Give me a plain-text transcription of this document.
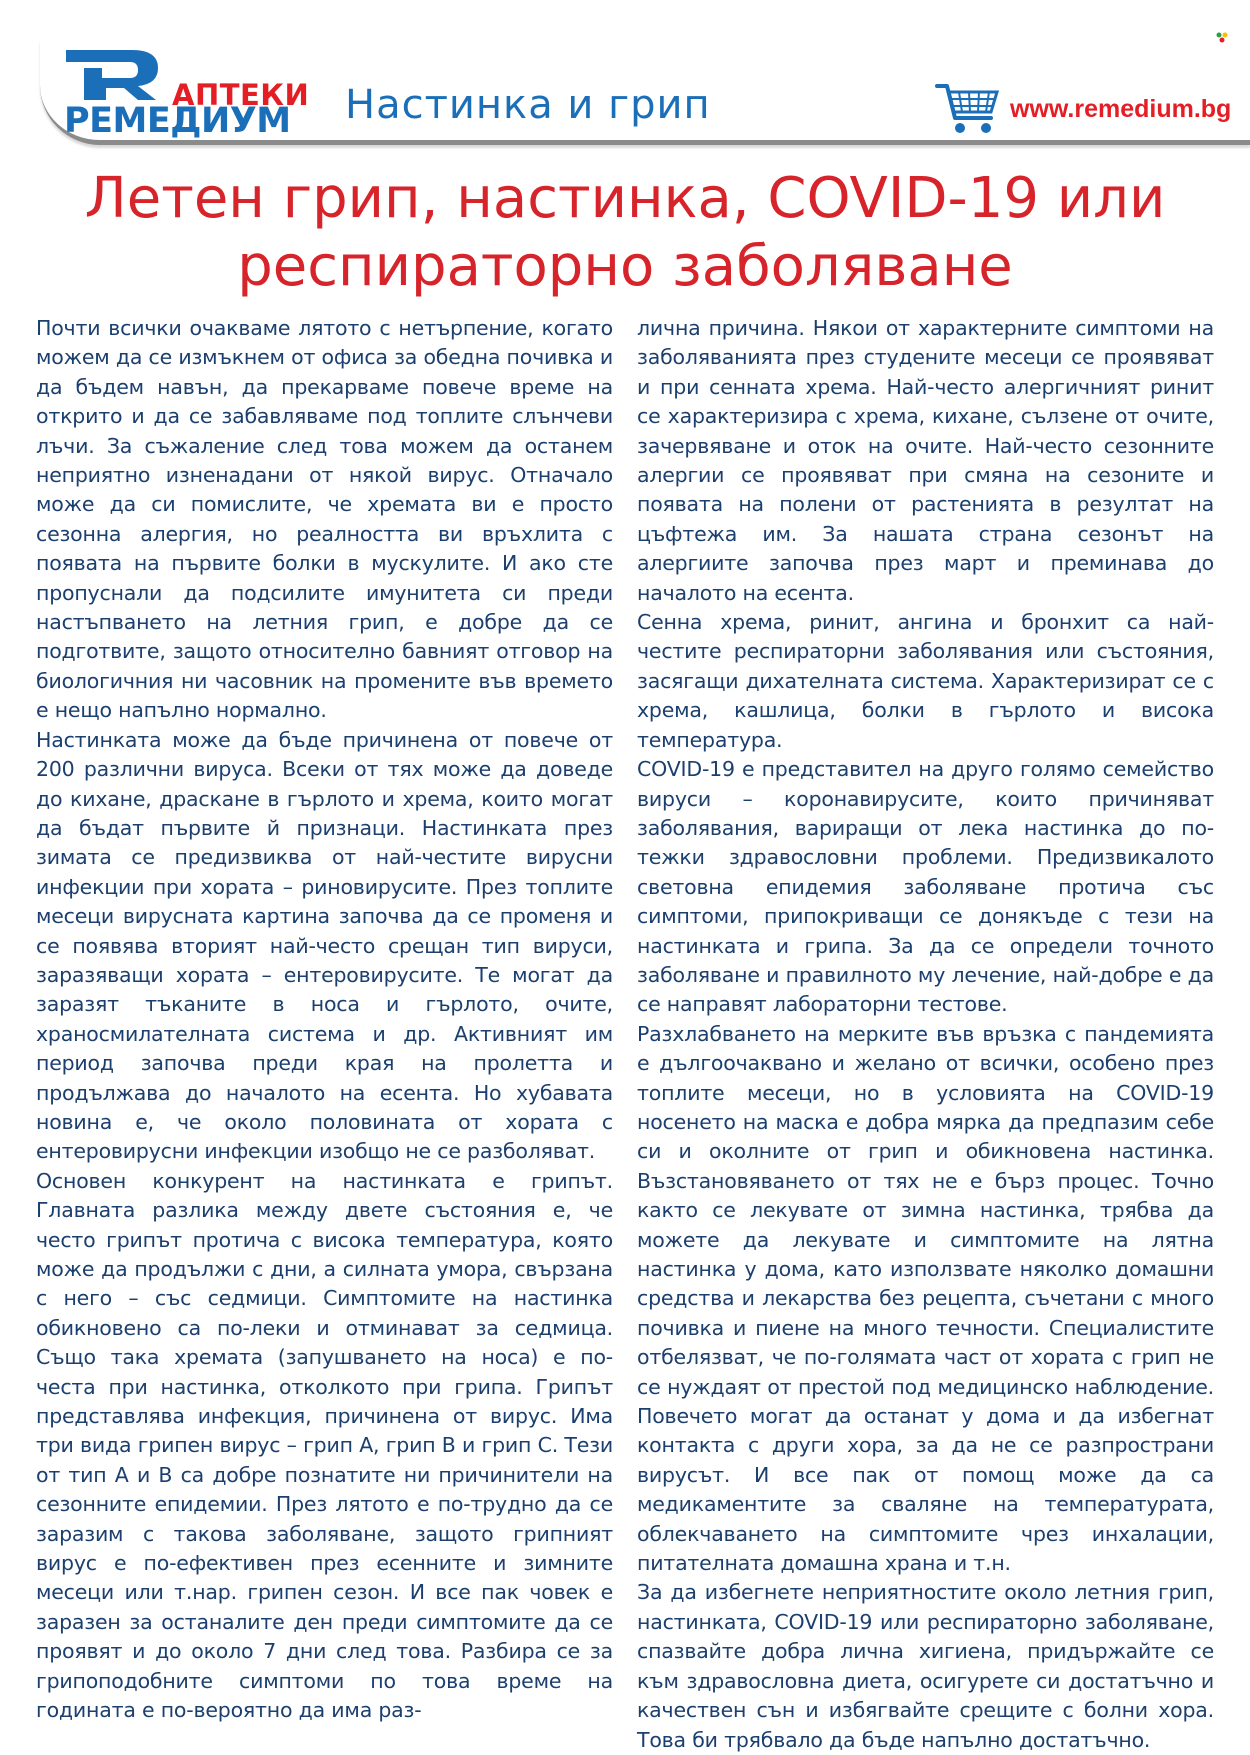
АПТЕКИ
РЕМЕДИУМ Настинка и грип	www.remedium.bg
Летен грип, настинка, COVID-19 или
респираторно заболяване

Почти всички очакваме лятото с нетърпение, когато можем да се измъкнем от офиса за обедна почивка и да бъдем навън, да прекарваме повече време на открито и да се забавляваме под топлите слънчеви лъчи. За съжаление след това можем да останем неприятно изненадани от някой вирус. Отначало може да си помислите, че хремата ви е просто сезонна алергия, но реалността ви връхлита с появата на първите болки в мускулите. И ако сте пропуснали да подсилите имунитета си преди настъпването на летния грип, е добре да се подготвите, защото относително бавният отговор на биологичния ни часовник на промените във времето е нещо напълно нормално.

Настинката може да бъде причинена от повече от 200 различни вируса. Всеки от тях може да доведе до кихане, драскане в гърлото и хрема, които могат да бъдат първите й признаци. Настинката през зимата се предизвиква от най-честите вирусни инфекции при хората – риновирусите. През топлите месеци вирусната картина започва да се променя и се появява вторият най-често срещан тип вируси, заразяващи хората – ентеровирусите. Те могат да заразят тъканите в носа и гърлото, очите, храносмилателната система и др. Активният им период започва преди края на пролетта и продължава до началото на есента. Но хубавата новина е, че около половината от хората с ентеровирусни инфекции изобщо не се разболяват.

Основен конкурент на настинката е грипът. Главната разлика между двете състояния е, че често грипът протича с висока температура, която може да продължи с дни, а силната умора, свързана с него – със седмици. Симптомите на настинка обикновено са по-леки и отминават за седмица. Също така хремата (запушването на носа) е по-честа при настинка, отколкото при грипа. Грипът представлява инфекция, причинена от вирус. Има три вида грипен вирус – грип А, грип В и грип С. Тези от тип А и В са добре познатите ни причинители на сезонните епидемии. През лятото е по-трудно да се заразим с такова заболяване, защото грипният вирус е по-ефективен през есенните и зимните месеци или т.нар. грипен сезон. И все пак човек е заразен за останалите ден преди симптомите да се проявят и до около 7 дни след това. Разбира се за грипоподобните симптоми по това време на годината е по-вероятно да има раз-

лична причина. Някои от характерните симптоми на заболяванията през студените месеци се проявяват и при сенната хрема. Най-често алергичният ринит се характеризира с хрема, кихане, сълзене от очите, зачервяване и оток на очите. Най-често сезонните алергии се проявяват при смяна на сезоните и появата на полени от растенията в резултат на цъфтежа им. За нашата страна сезонът на алергиите започва през март и преминава до началото на есента.

Сенна хрема, ринит, ангина и бронхит са най-честите респираторни заболявания или състояния, засягащи дихателната система. Характеризират се с хрема, кашлица, болки в гърлото и висока температура.

COVID-19 е представител на друго голямо семейство вируси – коронавирусите, които причиняват заболявания, вариращи от лека настинка до по-тежки здравословни проблеми. Предизвикалото световна епидемия заболяване протича със симптоми, припокриващи се донякъде с тези на настинката и грипа. За да се определи точното заболяване и правилното му лечение, най-добре е да се направят лабораторни тестове.

Разхлабването на мерките във връзка с пандемията е дългоочаквано и желано от всички, особено през топлите месеци, но в условията на COVID-19 носенето на маска е добра мярка да предпазим себе си и околните от грип и обикновена настинка. Възстановяването от тях не е бърз процес. Точно както се лекувате от зимна настинка, трябва да можете да лекувате и симптомите на лятна настинка у дома, като използвате няколко домашни средства и лекарства без рецепта, съчетани с много почивка и пиене на много течности. Специалистите отбелязват, че по-голямата част от хората с грип не се нуждаят от престой под медицинско наблюдение. Повечето могат да останат у дома и да избегнат контакта с други хора, за да не се разпространи вирусът. И все пак от помощ може да са медикаментите за сваляне на температурата, облекчаването на симптомите чрез инхалации, питателната домашна храна и т.н.

За да избегнете неприятностите около летния грип, настинката, COVID-19 или респираторно заболяване, спазвайте добра лична хигиена, придържайте се към здравословна диета, осигурете си достатъчно и качествен сън и избягвайте срещите с болни хора. Това би трябвало да бъде напълно достатъчно.
